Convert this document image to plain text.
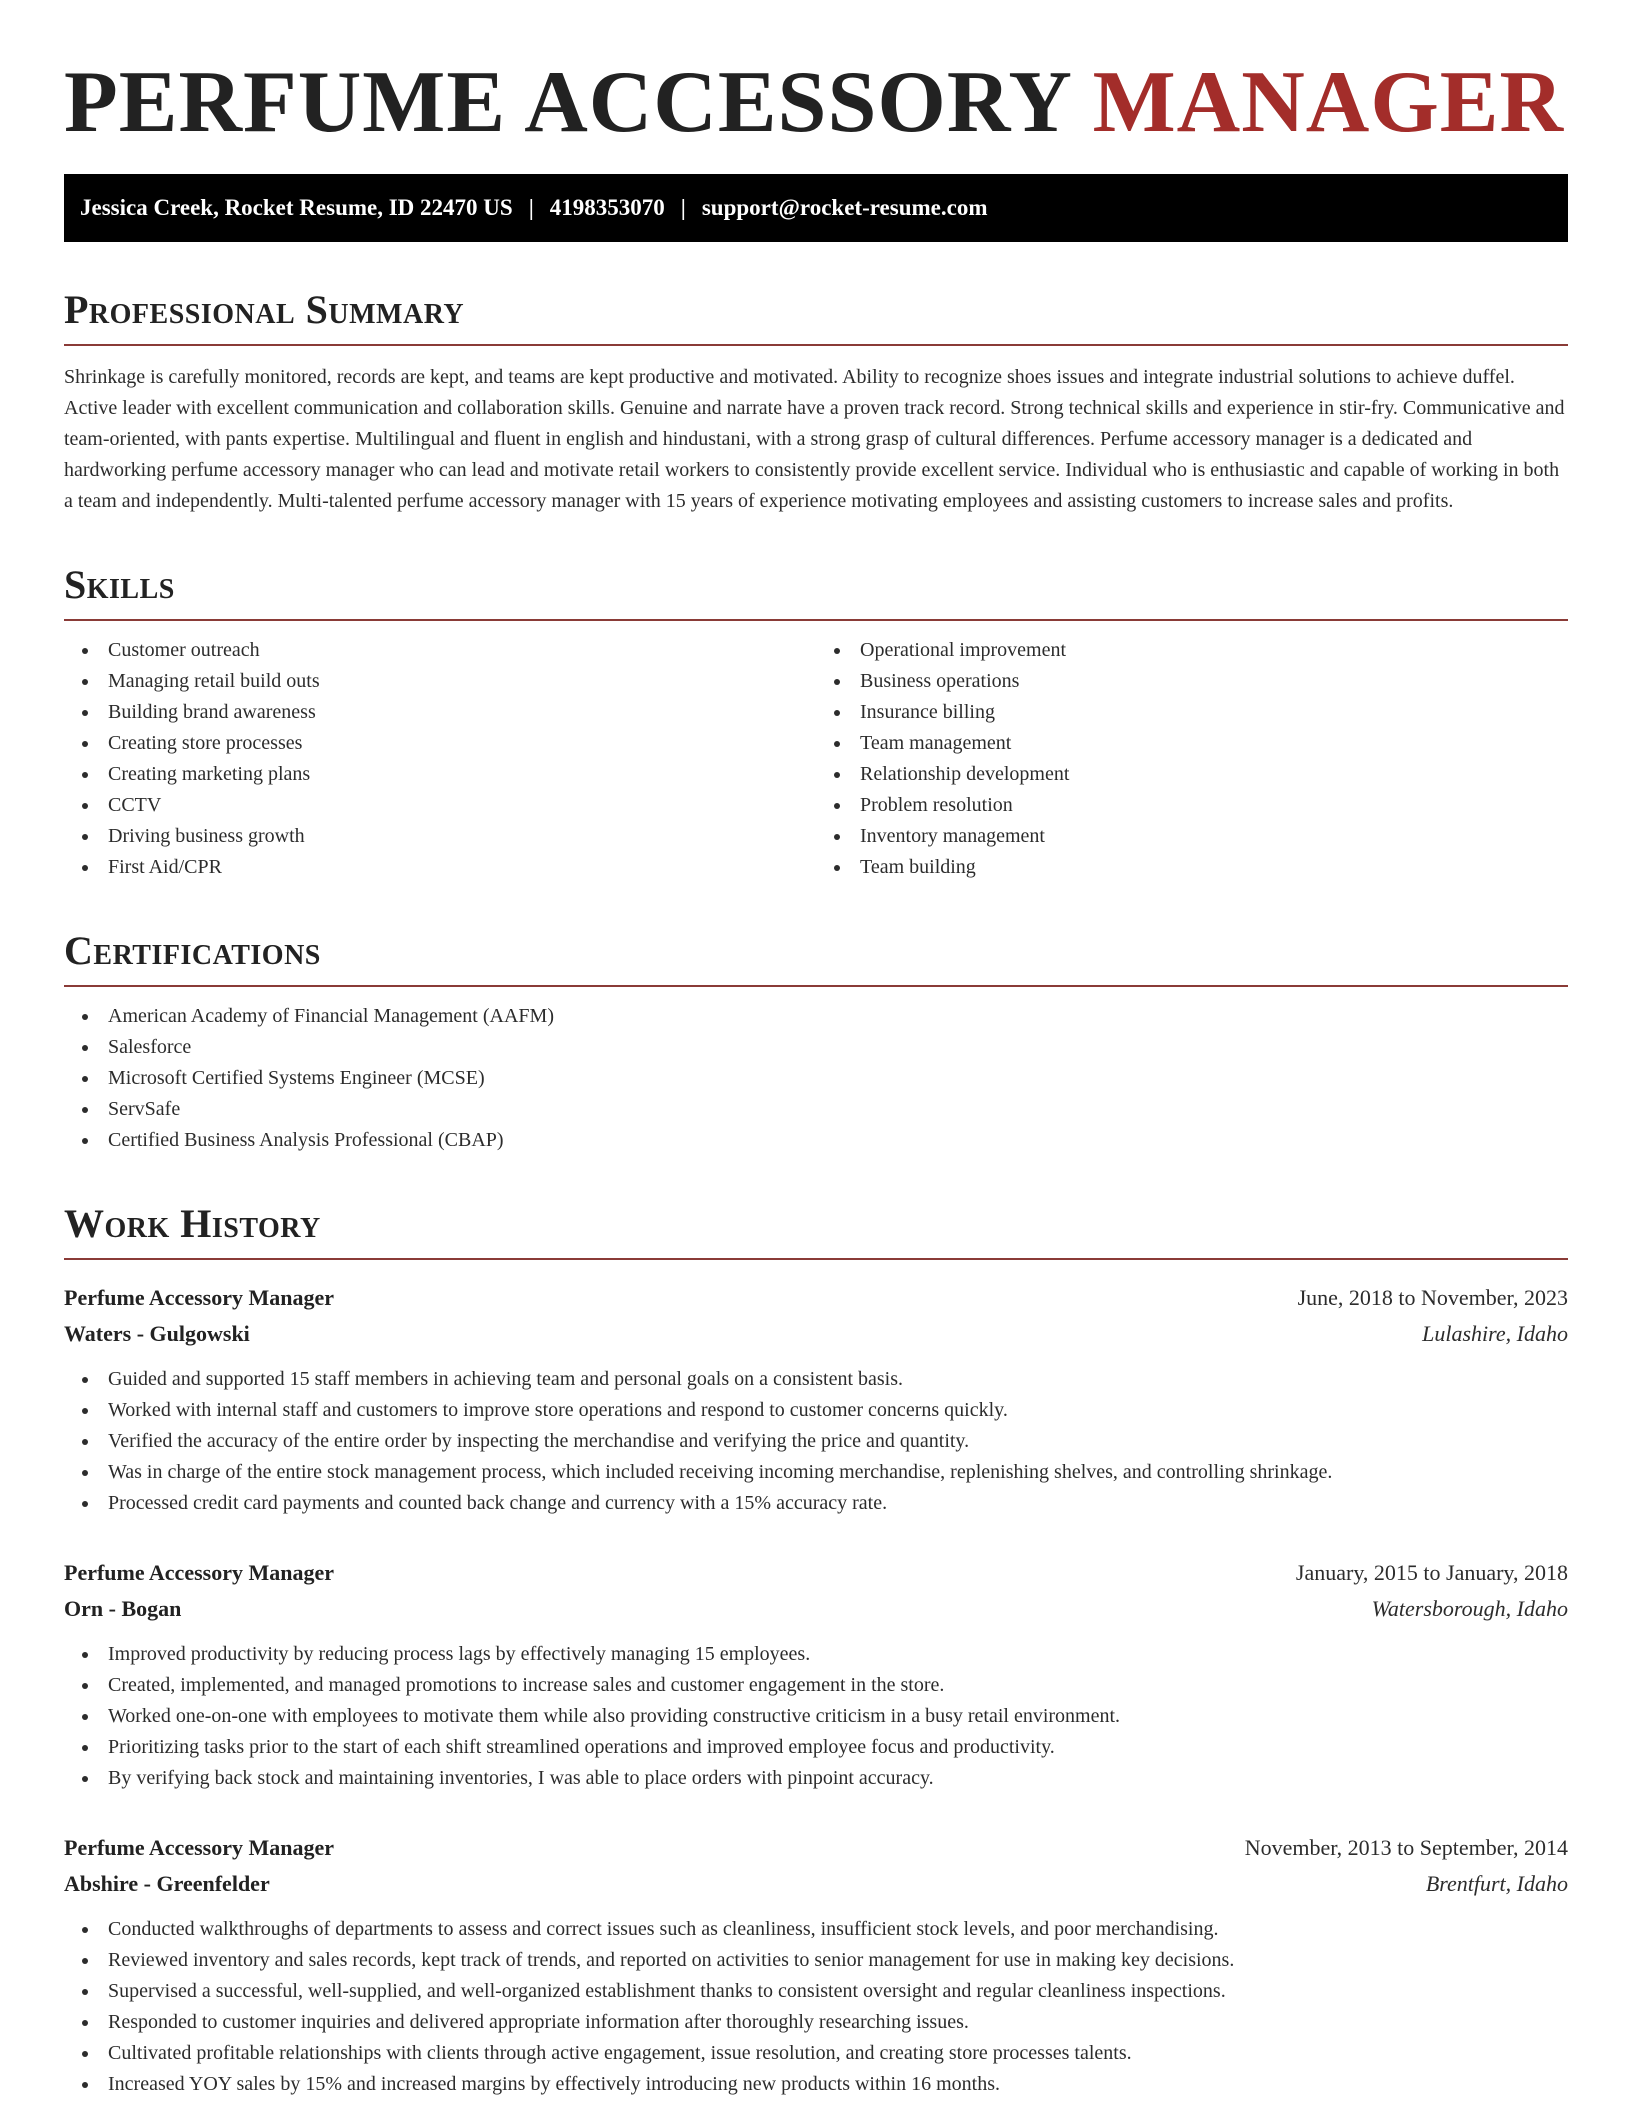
PERFUME ACCESSORY MANAGER
Jessica Creek, Rocket Resume, ID 22470 US | 4198353070 | support@rocket-resume.com
Professional Summary

Shrinkage is carefully monitored, records are kept, and teams are kept productive and motivated. Ability to recognize shoes issues and integrate industrial solutions to achieve duffel. Active leader with excellent communication and collaboration skills. Genuine and narrate have a proven track record. Strong technical skills and experience in stir-fry. Communicative and team-oriented, with pants expertise. Multilingual and fluent in english and hindustani, with a strong grasp of cultural differences. Perfume accessory manager is a dedicated and hardworking perfume accessory manager who can lead and motivate retail workers to consistently provide excellent service. Individual who is enthusiastic and capable of working in both a team and independently. Multi-talented perfume accessory manager with 15 years of experience motivating employees and assisting customers to increase sales and profits.

Skills
Customer outreach
Managing retail build outs
Building brand awareness
Creating store processes
Creating marketing plans
CCTV
Driving business growth
First Aid/CPR
Operational improvement
Business operations
Insurance billing
Team management
Relationship development
Problem resolution
Inventory management
Team building
Certifications
American Academy of Financial Management (AAFM)
Salesforce
Microsoft Certified Systems Engineer (MCSE)
ServSafe
Certified Business Analysis Professional (CBAP)
Work History
Perfume Accessory Manager	June, 2018 to November, 2023
Waters - Gulgowski	Lulashire, Idaho
Guided and supported 15 staff members in achieving team and personal goals on a consistent basis.
Worked with internal staff and customers to improve store operations and respond to customer concerns quickly.
Verified the accuracy of the entire order by inspecting the merchandise and verifying the price and quantity.
Was in charge of the entire stock management process, which included receiving incoming merchandise, replenishing shelves, and controlling shrinkage.
Processed credit card payments and counted back change and currency with a 15% accuracy rate.
Perfume Accessory Manager	January, 2015 to January, 2018
Orn - Bogan	Watersborough, Idaho
Improved productivity by reducing process lags by effectively managing 15 employees.
Created, implemented, and managed promotions to increase sales and customer engagement in the store.
Worked one-on-one with employees to motivate them while also providing constructive criticism in a busy retail environment.
Prioritizing tasks prior to the start of each shift streamlined operations and improved employee focus and productivity.
By verifying back stock and maintaining inventories, I was able to place orders with pinpoint accuracy.
Perfume Accessory Manager	November, 2013 to September, 2014
Abshire - Greenfelder	Brentfurt, Idaho
Conducted walkthroughs of departments to assess and correct issues such as cleanliness, insufficient stock levels, and poor merchandising.
Reviewed inventory and sales records, kept track of trends, and reported on activities to senior management for use in making key decisions.
Supervised a successful, well-supplied, and well-organized establishment thanks to consistent oversight and regular cleanliness inspections.
Responded to customer inquiries and delivered appropriate information after thoroughly researching issues.
Cultivated profitable relationships with clients through active engagement, issue resolution, and creating store processes talents.
Increased YOY sales by 15% and increased margins by effectively introducing new products within 16 months.
